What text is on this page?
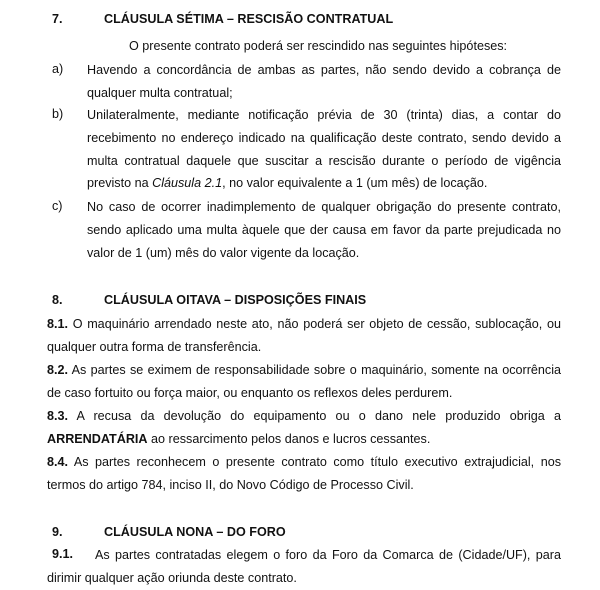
7.	CLÁUSULA SÉTIMA – RESCISÃO CONTRATUAL
O presente contrato poderá ser rescindido nas seguintes hipóteses:
a) Havendo a concordância de ambas as partes, não sendo devido a cobrança de qualquer multa contratual;
b) Unilateralmente, mediante notificação prévia de 30 (trinta) dias, a contar do recebimento no endereço indicado na qualificação deste contrato, sendo devido a multa contratual daquele que suscitar a rescisão durante o período de vigência previsto na Cláusula 2.1, no valor equivalente a 1 (um mês) de locação.
c) No caso de ocorrer inadimplemento de qualquer obrigação do presente contrato, sendo aplicado uma multa àquele que der causa em favor da parte prejudicada no valor de 1 (um) mês do valor vigente da locação.
8.	CLÁUSULA OITAVA – DISPOSIÇÕES FINAIS
8.1. O maquinário arrendado neste ato, não poderá ser objeto de cessão, sublocação, ou qualquer outra forma de transferência.
8.2. As partes se eximem de responsabilidade sobre o maquinário, somente na ocorrência de caso fortuito ou força maior, ou enquanto os reflexos deles perdurem.
8.3. A recusa da devolução do equipamento ou o dano nele produzido obriga a ARRENDATÁRIA ao ressarcimento pelos danos e lucros cessantes.
8.4. As partes reconhecem o presente contrato como título executivo extrajudicial, nos termos do artigo 784, inciso II, do Novo Código de Processo Civil.
9.	CLÁUSULA NONA – DO FORO
9.1.	As partes contratadas elegem o foro da Foro da Comarca de (Cidade/UF), para dirimir qualquer ação oriunda deste contrato.
